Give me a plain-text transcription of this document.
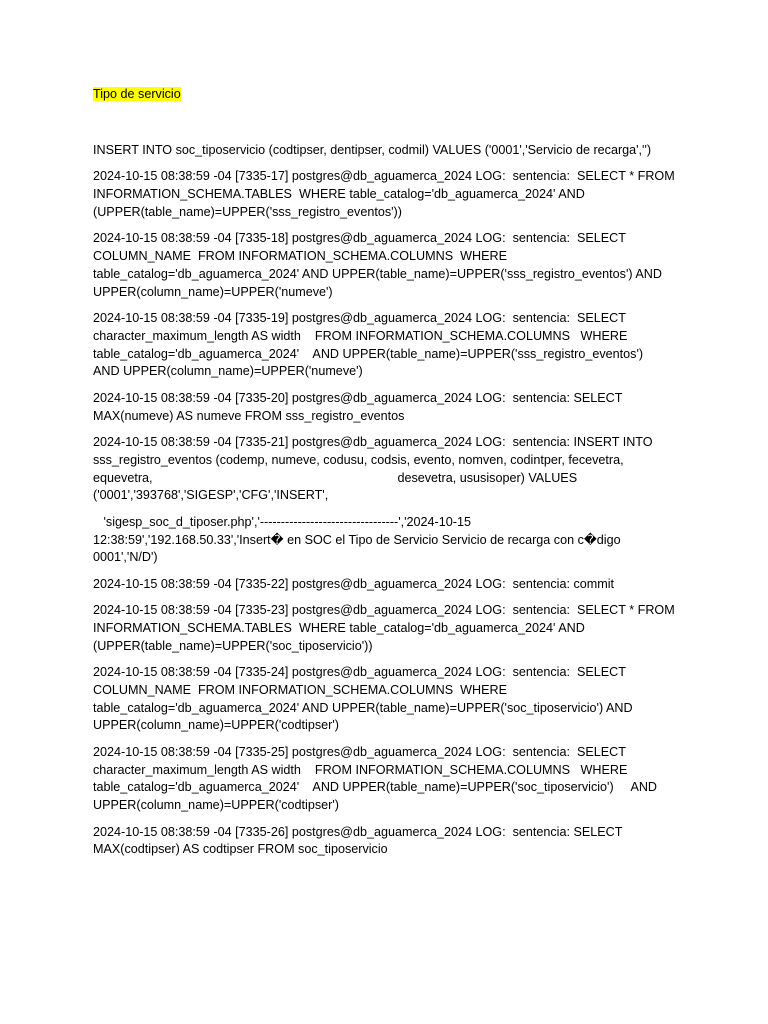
Tipo de servicio

INSERT INTO soc_tiposervicio (codtipser, dentipser, codmil) VALUES ('0001','Servicio de recarga','')

2024-10-15 08:38:59 -04 [7335-17] postgres@db_aguamerca_2024 LOG:  sentencia:  SELECT * FROM
INFORMATION_SCHEMA.TABLES  WHERE table_catalog='db_aguamerca_2024' AND
(UPPER(table_name)=UPPER('sss_registro_eventos'))

2024-10-15 08:38:59 -04 [7335-18] postgres@db_aguamerca_2024 LOG:  sentencia:  SELECT
COLUMN_NAME  FROM INFORMATION_SCHEMA.COLUMNS  WHERE
table_catalog='db_aguamerca_2024' AND UPPER(table_name)=UPPER('sss_registro_eventos') AND
UPPER(column_name)=UPPER('numeve')

2024-10-15 08:38:59 -04 [7335-19] postgres@db_aguamerca_2024 LOG:  sentencia:  SELECT
character_maximum_length AS width    FROM INFORMATION_SCHEMA.COLUMNS   WHERE
table_catalog='db_aguamerca_2024'    AND UPPER(table_name)=UPPER('sss_registro_eventos')
AND UPPER(column_name)=UPPER('numeve')

2024-10-15 08:38:59 -04 [7335-20] postgres@db_aguamerca_2024 LOG:  sentencia: SELECT
MAX(numeve) AS numeve FROM sss_registro_eventos

2024-10-15 08:38:59 -04 [7335-21] postgres@db_aguamerca_2024 LOG:  sentencia: INSERT INTO
sss_registro_eventos (codemp, numeve, codusu, codsis, evento, nomven, codintper, fecevetra,
equevetra,                                                                      desevetra, ususisoper) VALUES
('0001','393768','SIGESP','CFG','INSERT',

'sigesp_soc_d_tiposer.php','---------------------------------','2024-10-15
12:38:59','192.168.50.33','Insert� en SOC el Tipo de Servicio Servicio de recarga con c�digo
0001','N/D')

2024-10-15 08:38:59 -04 [7335-22] postgres@db_aguamerca_2024 LOG:  sentencia: commit

2024-10-15 08:38:59 -04 [7335-23] postgres@db_aguamerca_2024 LOG:  sentencia:  SELECT * FROM
INFORMATION_SCHEMA.TABLES  WHERE table_catalog='db_aguamerca_2024' AND
(UPPER(table_name)=UPPER('soc_tiposervicio'))

2024-10-15 08:38:59 -04 [7335-24] postgres@db_aguamerca_2024 LOG:  sentencia:  SELECT
COLUMN_NAME  FROM INFORMATION_SCHEMA.COLUMNS  WHERE
table_catalog='db_aguamerca_2024' AND UPPER(table_name)=UPPER('soc_tiposervicio') AND
UPPER(column_name)=UPPER('codtipser')

2024-10-15 08:38:59 -04 [7335-25] postgres@db_aguamerca_2024 LOG:  sentencia:  SELECT
character_maximum_length AS width    FROM INFORMATION_SCHEMA.COLUMNS   WHERE
table_catalog='db_aguamerca_2024'    AND UPPER(table_name)=UPPER('soc_tiposervicio')     AND
UPPER(column_name)=UPPER('codtipser')

2024-10-15 08:38:59 -04 [7335-26] postgres@db_aguamerca_2024 LOG:  sentencia: SELECT
MAX(codtipser) AS codtipser FROM soc_tiposervicio
